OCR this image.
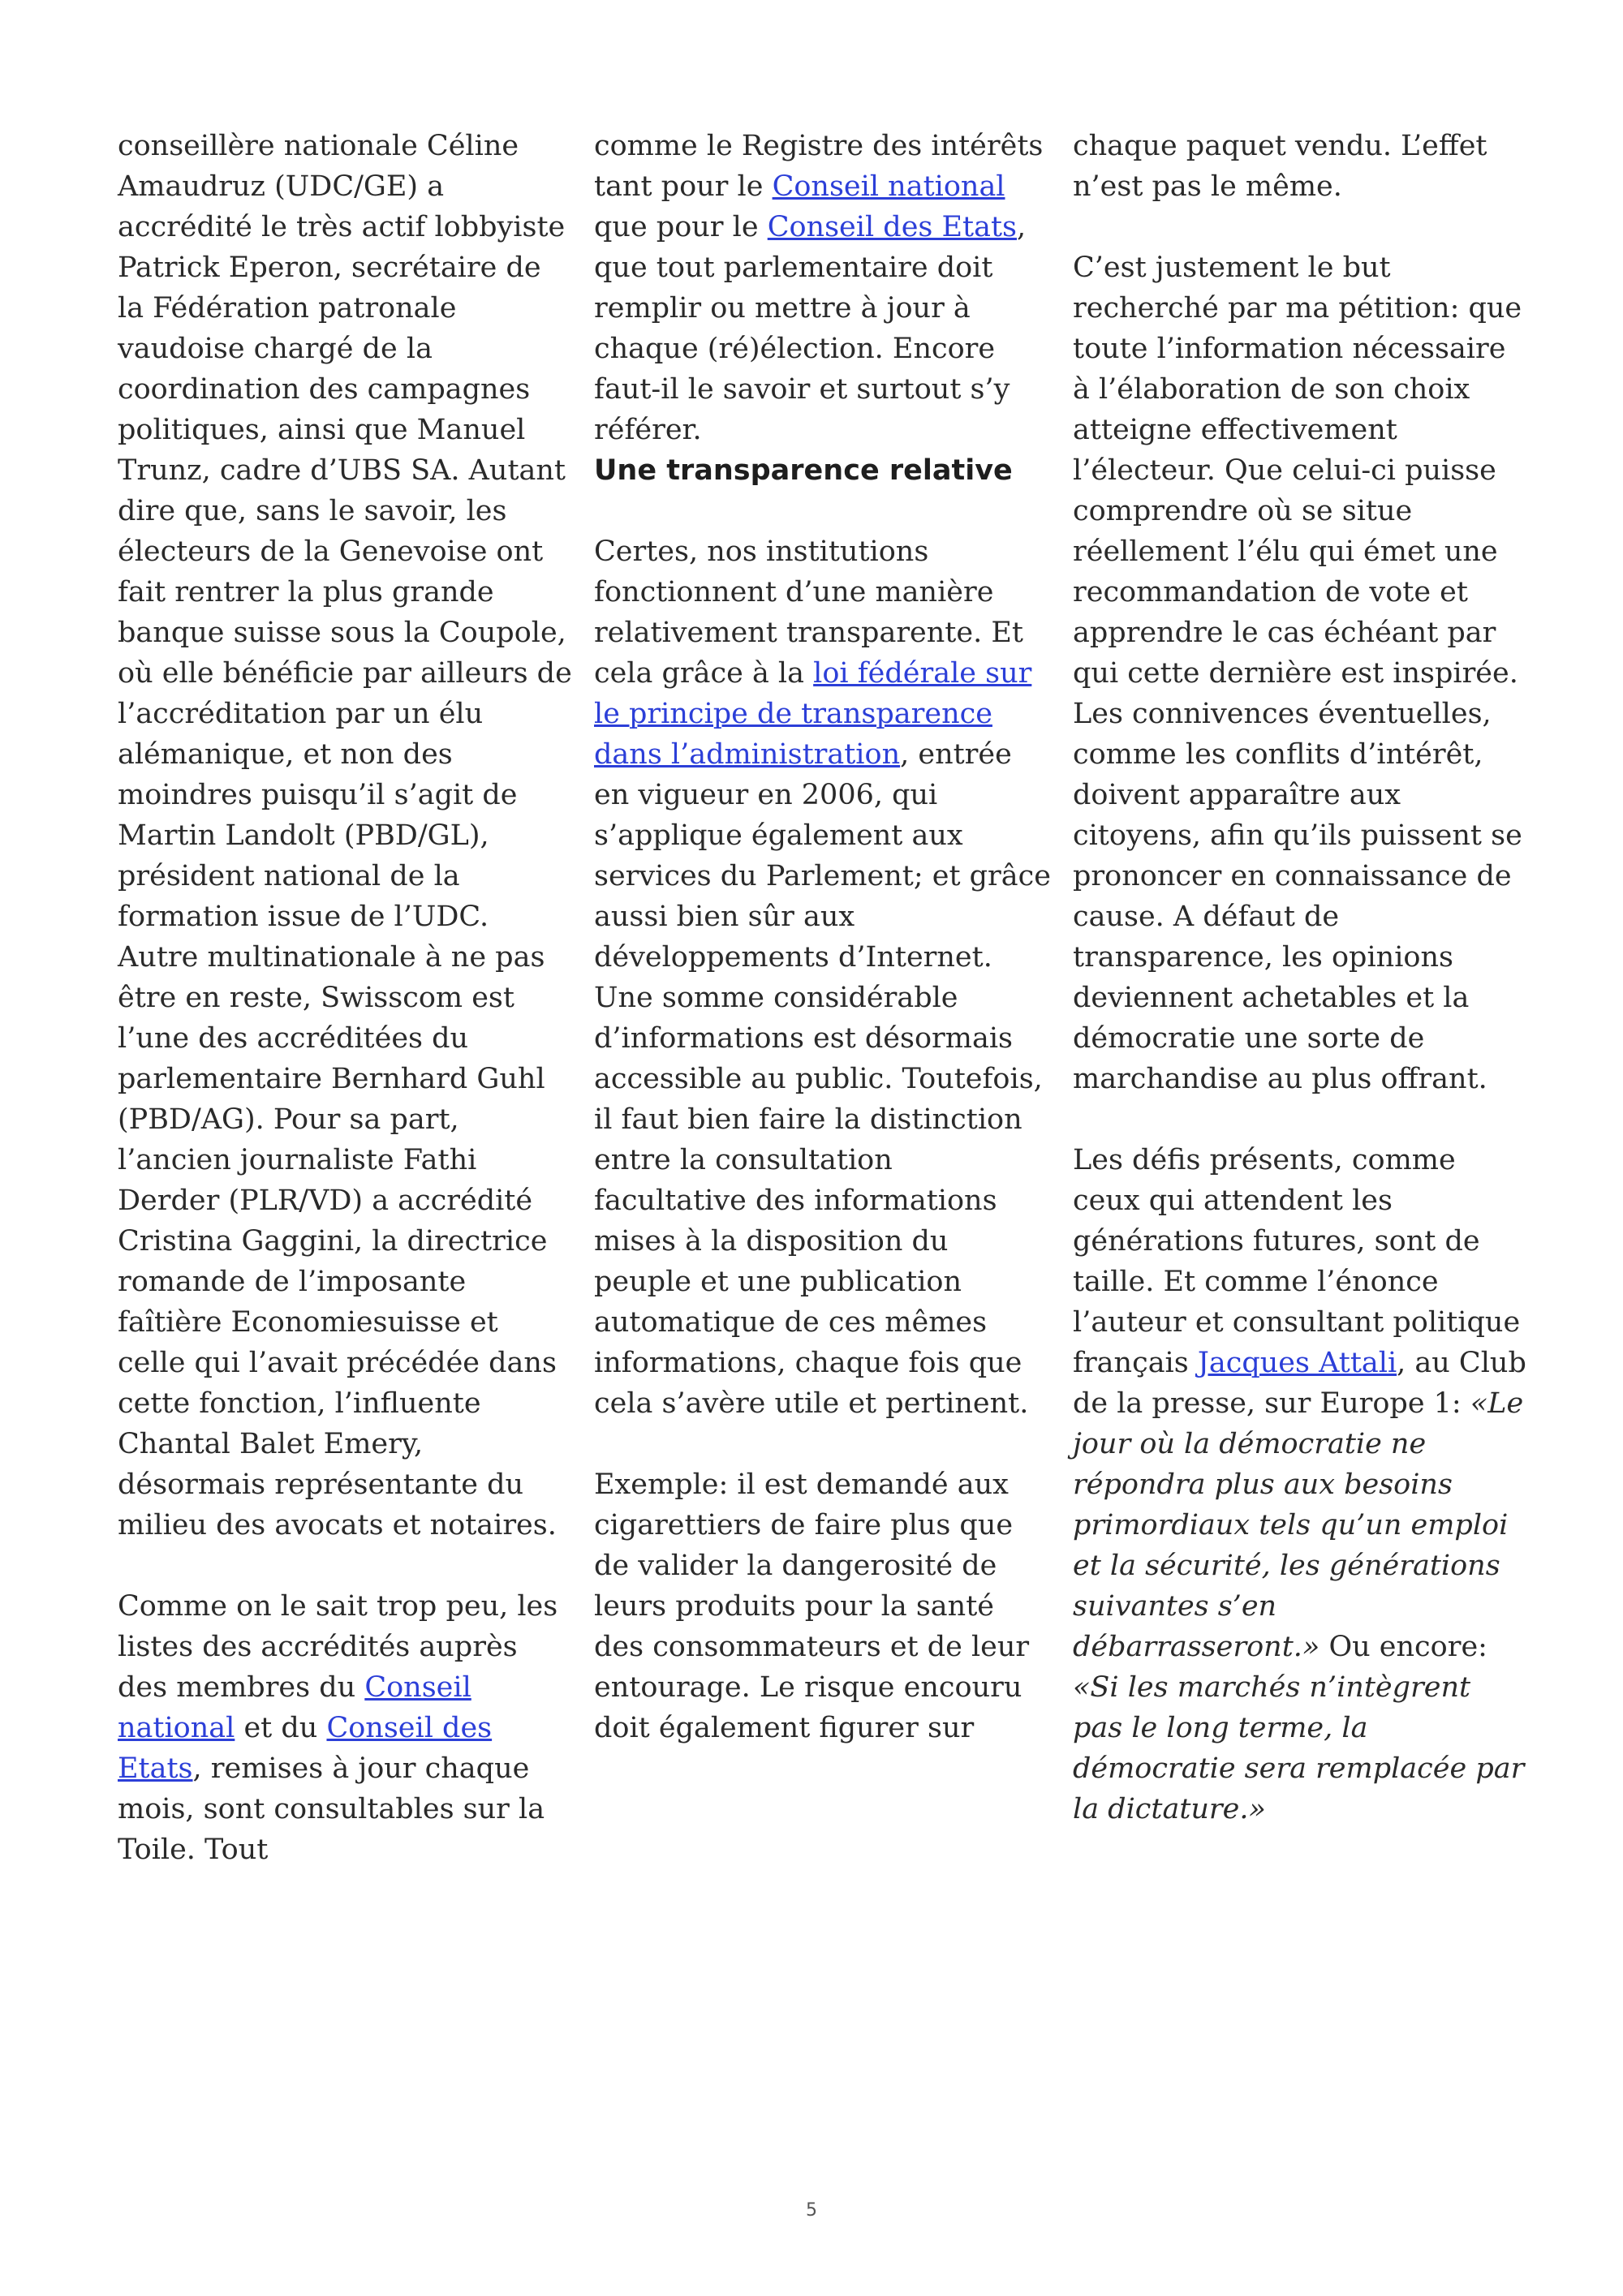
conseillère nationale Céline Amaudruz (UDC/GE) a accrédité le très actif lobbyiste Patrick Eperon, secrétaire de la Fédération patronale vaudoise chargé de la coordination des campagnes politiques, ainsi que Manuel Trunz, cadre d’UBS SA. Autant dire que, sans le savoir, les électeurs de la Genevoise ont fait rentrer la plus grande banque suisse sous la Coupole, où elle bénéficie par ailleurs de l’accréditation par un élu alémanique, et non des moindres puisqu’il s’agit de Martin Landolt (PBD/GL), président national de la formation issue de l’UDC. Autre multinationale à ne pas être en reste, Swisscom est l’une des accréditées du parlementaire Bernhard Guhl (PBD/AG). Pour sa part, l’ancien journaliste Fathi Derder (PLR/VD) a accrédité Cristina Gaggini, la directrice romande de l’imposante faîtière Economiesuisse et celle qui l’avait précédée dans cette fonction, l’influente Chantal Balet Emery, désormais représentante du milieu des avocats et notaires.

Comme on le sait trop peu, les listes des accrédités auprès des membres du Conseil national et du Conseil des Etats, remises à jour chaque mois, sont consultables sur la Toile. Tout

comme le Registre des intérêts tant pour le Conseil national que pour le Conseil des Etats, que tout parlementaire doit remplir ou mettre à jour à chaque (ré)élection. Encore faut-il le savoir et surtout s’y référer.

Une transparence relative

Certes, nos institutions fonctionnent d’une manière relativement transparente. Et cela grâce à la loi fédérale sur le principe de transparence dans l’administration, entrée en vigueur en 2006, qui s’applique également aux services du Parlement; et grâce aussi bien sûr aux développements d’Internet. Une somme considérable d’informations est désormais accessible au public. Toutefois, il faut bien faire la distinction entre la consultation facultative des informations mises à la disposition du peuple et une publication automatique de ces mêmes informations, chaque fois que cela s’avère utile et pertinent.

Exemple: il est demandé aux cigarettiers de faire plus que de valider la dangerosité de leurs produits pour la santé des consommateurs et de leur entourage. Le risque encouru doit également figurer sur

chaque paquet vendu. L’effet n’est pas le même.

C’est justement le but recherché par ma pétition: que toute l’information nécessaire à l’élaboration de son choix atteigne effectivement l’électeur. Que celui-ci puisse comprendre où se situe réellement l’élu qui émet une recommandation de vote et apprendre le cas échéant par qui cette dernière est inspirée. Les connivences éventuelles, comme les conflits d’intérêt, doivent apparaître aux citoyens, afin qu’ils puissent se prononcer en connaissance de cause. A défaut de transparence, les opinions deviennent achetables et la démocratie une sorte de marchandise au plus offrant.

Les défis présents, comme ceux qui attendent les générations futures, sont de taille. Et comme l’énonce l’auteur et consultant politique français Jacques Attali, au Club de la presse, sur Europe 1: «Le jour où la démocratie ne répondra plus aux besoins primordiaux tels qu’un emploi et la sécurité, les générations suivantes s’en débarrasseront.» Ou encore: «Si les marchés n’intègrent pas le long terme, la démocratie sera remplacée par la dictature.»

5
